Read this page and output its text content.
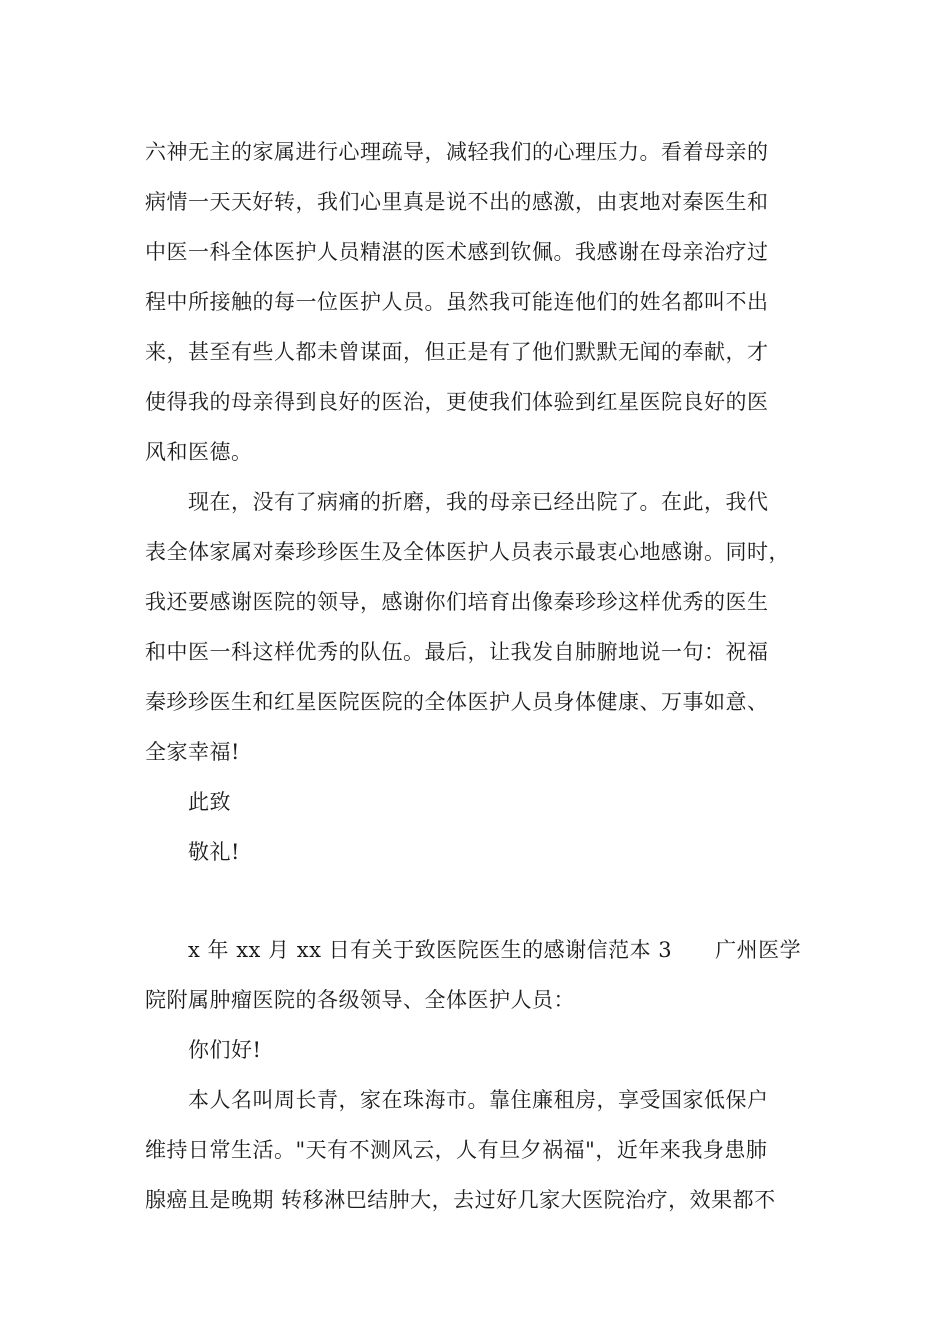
六神无主的家属进行心理疏导，减轻我们的心理压力。看着母亲的
病情一天天好转，我们心里真是说不出的感激，由衷地对秦医生和
中医一科全体医护人员精湛的医术感到钦佩。我感谢在母亲治疗过
程中所接触的每一位医护人员。虽然我可能连他们的姓名都叫不出
来，甚至有些人都未曾谋面，但正是有了他们默默无闻的奉献，才
使得我的母亲得到良好的医治，更使我们体验到红星医院良好的医
风和医德。
现在，没有了病痛的折磨，我的母亲已经出院了。在此，我代
表全体家属对秦珍珍医生及全体医护人员表示最衷心地感谢。同时，
我还要感谢医院的领导，感谢你们培育出像秦珍珍这样优秀的医生
和中医一科这样优秀的队伍。最后，让我发自肺腑地说一句：祝福
秦珍珍医生和红星医院医院的全体医护人员身体健康、万事如意、
全家幸福!
此致
敬礼!
x 年 xx 月 xx 日有关于致医院医生的感谢信范本 3　　广州医学
院附属肿瘤医院的各级领导、全体医护人员：
你们好!
本人名叫周长青，家在珠海市。靠住廉租房，享受国家低保户
维持日常生活。"天有不测风云，人有旦夕祸福"，近年来我身患肺
腺癌且是晚期 转移淋巴结肿大，去过好几家大医院治疗，效果都不
